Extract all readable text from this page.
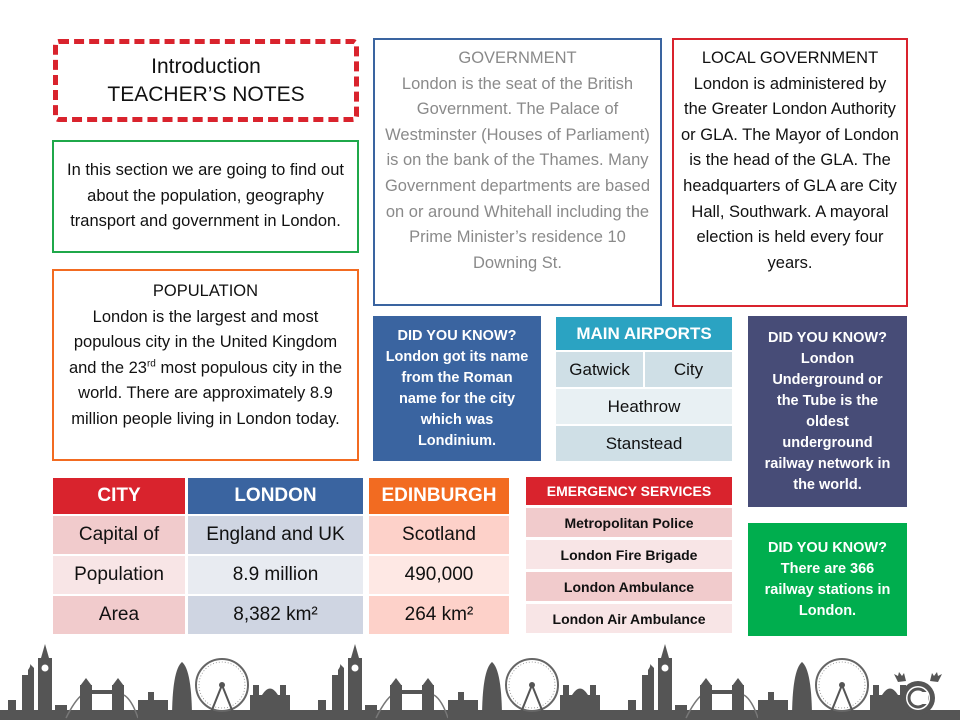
Introduction
TEACHER’S NOTES
In this section we are going to find out about the population, geography transport and government in London.
POPULATION
London is the largest and most populous city in the United Kingdom and the 23rd most populous city in the world. There are approximately 8.9 million people living in London today.
GOVERNMENT
London is the seat of the British Government. The Palace of Westminster (Houses of Parliament) is on the bank of the Thames. Many Government departments are based on or around Whitehall including the Prime Minister’s residence 10 Downing St.
LOCAL GOVERNMENT
London is administered by the Greater London Authority or GLA. The Mayor of London is the head of the GLA. The headquarters of GLA are City Hall, Southwark. A mayoral election is held every four years.
DID YOU KNOW?
London got its name from the Roman name for the city which was Londinium.
DID YOU KNOW?
London Underground or the Tube is the oldest underground railway network in the world.
DID YOU KNOW?
There are 366 railway stations in London.
MAIN AIRPORTS
Gatwick	City
Heathrow
Stanstead
CITY
Capital of
Population
Area
LONDON
England and UK
8.9 million
8,382 km²
EDINBURGH
Scotland
490,000
264 km²
EMERGENCY SERVICES
Metropolitan Police
London Fire Brigade
London Ambulance
London Air Ambulance
